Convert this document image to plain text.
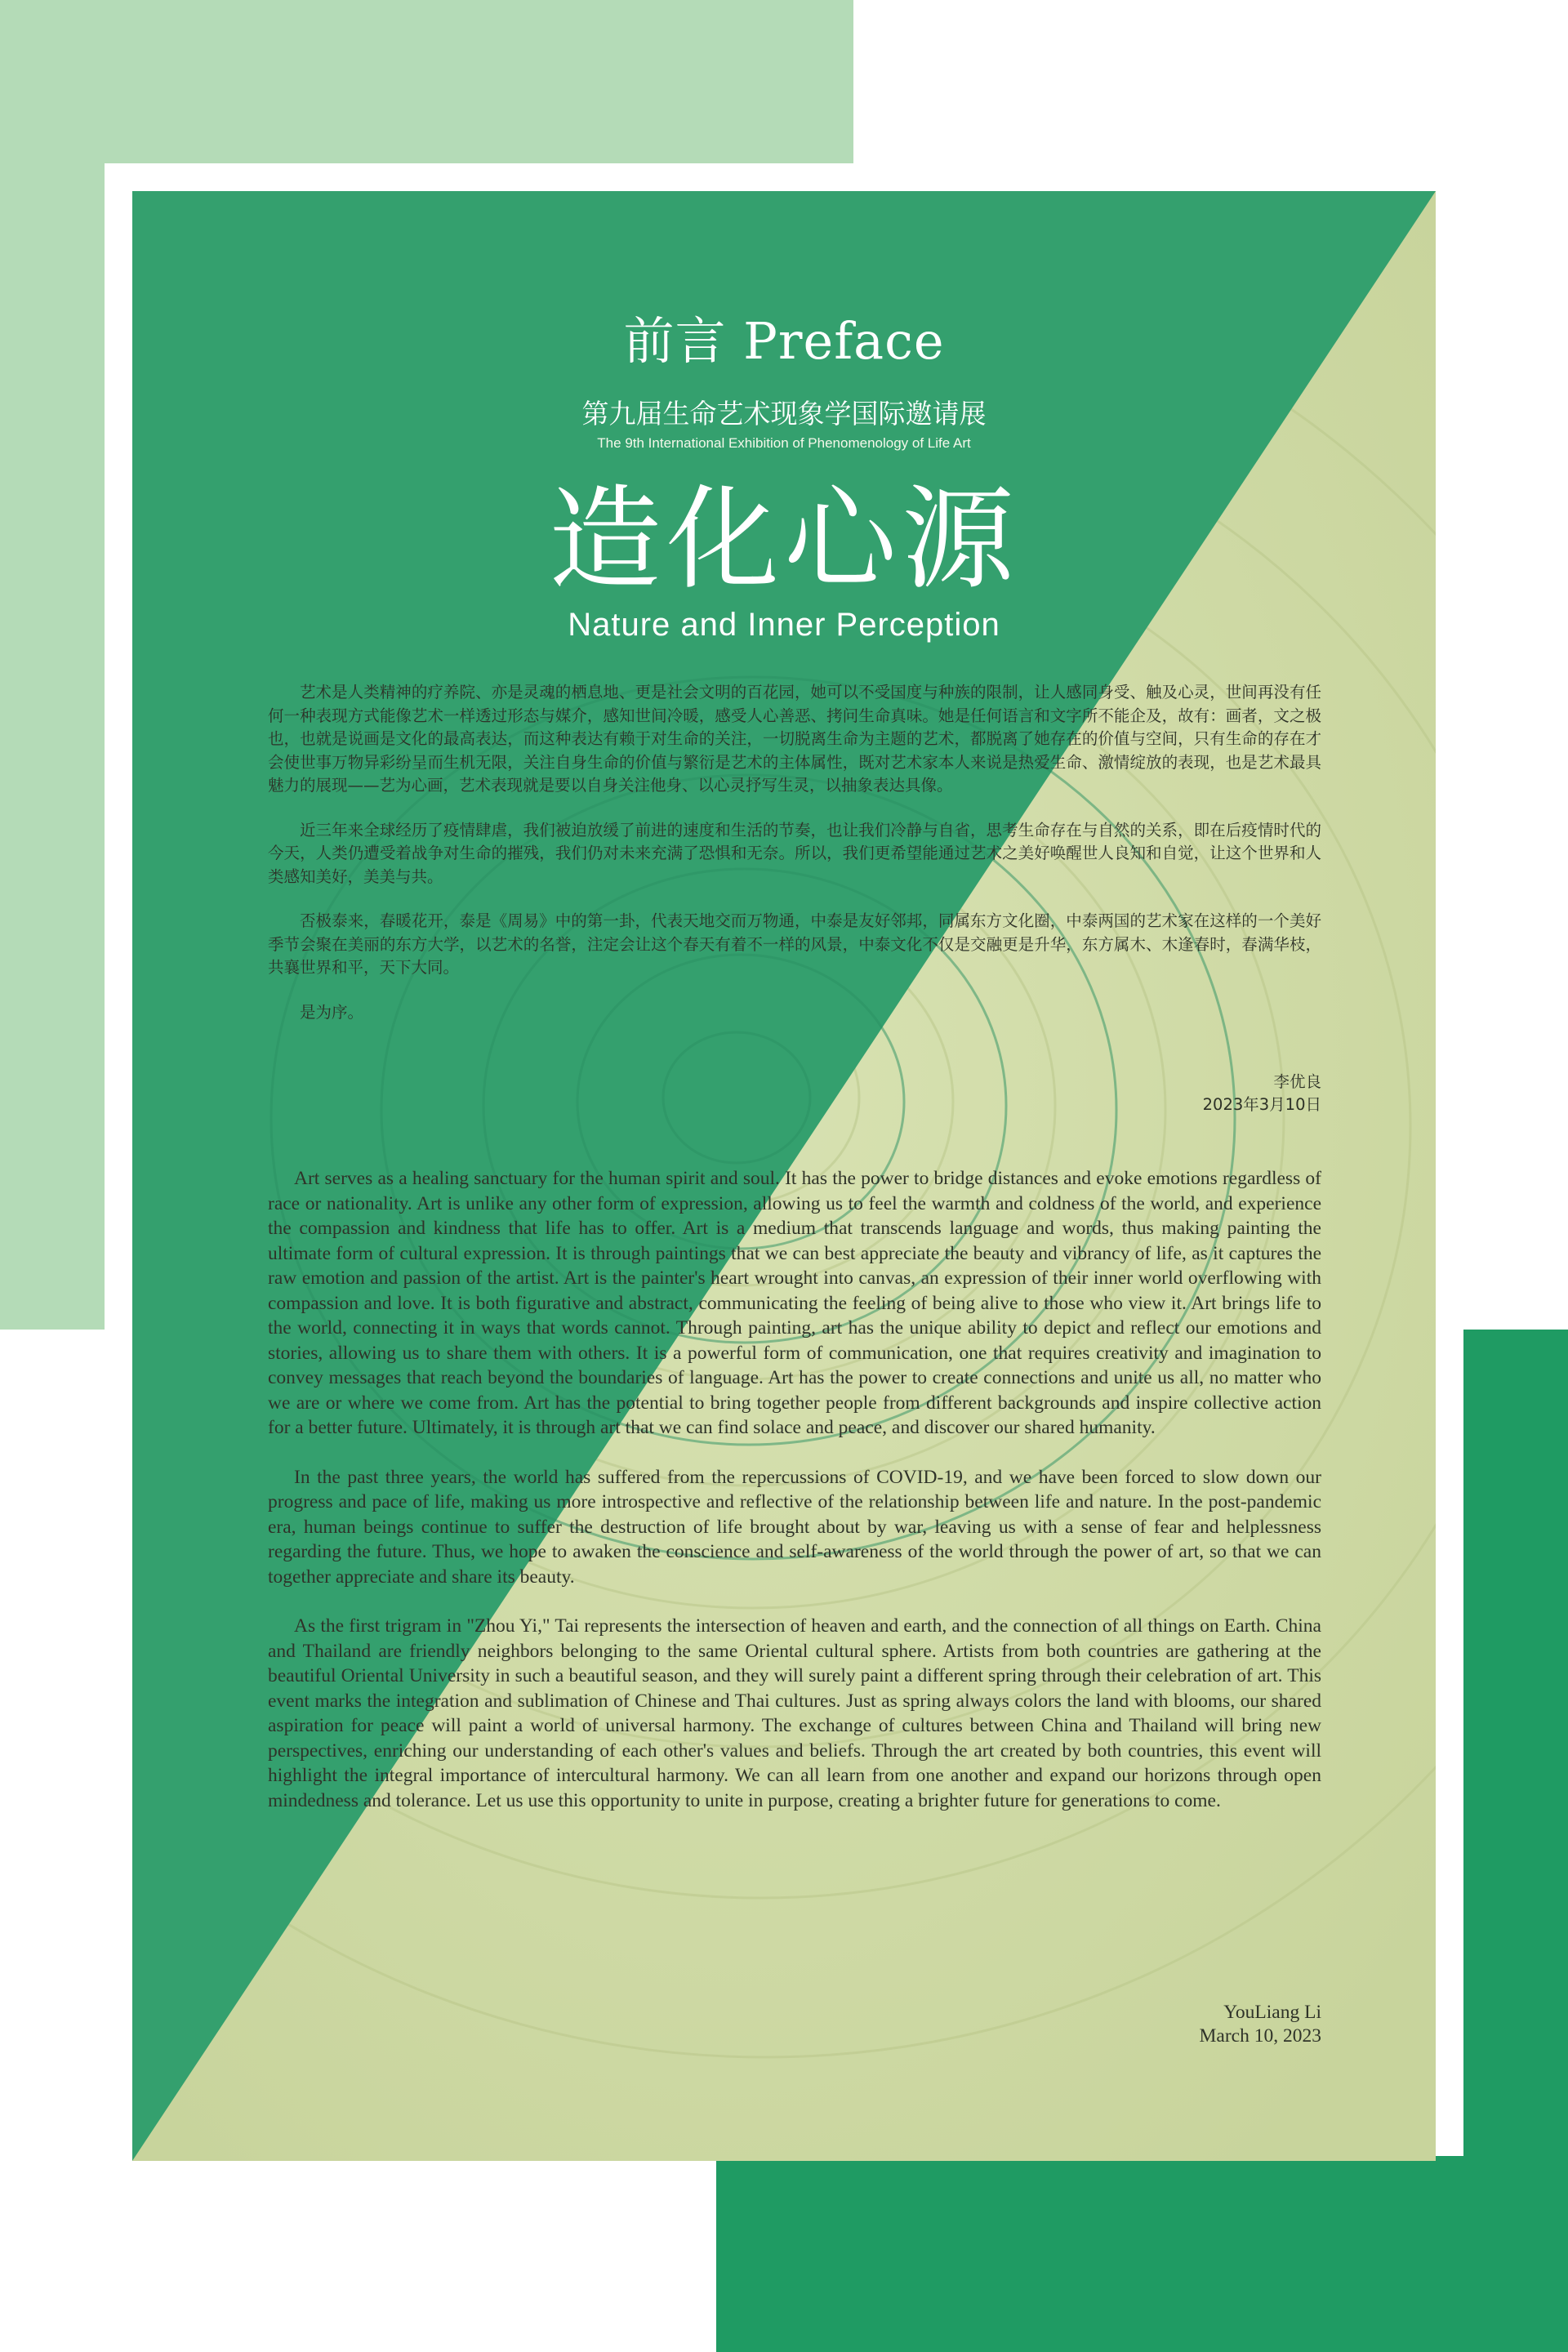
前言 Preface
第九届生命艺术现象学国际邀请展
The 9th International Exhibition of Phenomenology of Life Art
造化心源
Nature and Inner Perception

艺术是人类精神的疗养院、亦是灵魂的栖息地、更是社会文明的百花园，她可以不受国度与种族的限制，让人感同身受、触及心灵，世间再没有任何一种表现方式能像艺术一样透过形态与媒介，感知世间冷暖，感受人心善恶、拷问生命真味。她是任何语言和文字所不能企及，故有：画者，文之极也，也就是说画是文化的最高表达，而这种表达有赖于对生命的关注，一切脱离生命为主题的艺术，都脱离了她存在的价值与空间，只有生命的存在才会使世事万物异彩纷呈而生机无限，关注自身生命的价值与繁衍是艺术的主体属性，既对艺术家本人来说是热爱生命、激情绽放的表现，也是艺术最具魅力的展现——艺为心画，艺术表现就是要以自身关注他身、以心灵抒写生灵，以抽象表达具像。

近三年来全球经历了疫情肆虐，我们被迫放缓了前进的速度和生活的节奏，也让我们冷静与自省，思考生命存在与自然的关系，即在后疫情时代的今天，人类仍遭受着战争对生命的摧残，我们仍对未来充满了恐惧和无奈。所以，我们更希望能通过艺术之美好唤醒世人良知和自觉，让这个世界和人类感知美好，美美与共。

否极泰来，春暖花开，泰是《周易》中的第一卦，代表天地交而万物通，中泰是友好邻邦，同属东方文化圈，中泰两国的艺术家在这样的一个美好季节会聚在美丽的东方大学，以艺术的名誉，注定会让这个春天有着不一样的风景，中泰文化不仅是交融更是升华，东方属木、木逢春时，春满华枝，共襄世界和平，天下大同。

是为序。

李优良
2023年3月10日

Art serves as a healing sanctuary for the human spirit and soul. It has the power to bridge distances and evoke emotions regardless of race or nationality. Art is unlike any other form of expression, allowing us to feel the warmth and coldness of the world, and experience the compassion and kindness that life has to offer. Art is a medium that transcends language and words, thus making painting the ultimate form of cultural expression. It is through paintings that we can best appreciate the beauty and vibrancy of life, as it captures the raw emotion and passion of the artist. Art is the painter's heart wrought into canvas, an expression of their inner world overflowing with compassion and love. It is both figurative and abstract, communicating the feeling of being alive to those who view it. Art brings life to the world, connecting it in ways that words cannot. Through painting, art has the unique ability to depict and reflect our emotions and stories, allowing us to share them with others. It is a powerful form of communication, one that requires creativity and imagination to convey messages that reach beyond the boundaries of language. Art has the power to create connections and unite us all, no matter who we are or where we come from. Art has the potential to bring together people from different backgrounds and inspire collective action for a better future. Ultimately, it is through art that we can find solace and peace, and discover our shared humanity.

In the past three years, the world has suffered from the repercussions of COVID-19, and we have been forced to slow down our progress and pace of life, making us more introspective and reflective of the relationship between life and nature. In the post-pandemic era, human beings continue to suffer the destruction of life brought about by war, leaving us with a sense of fear and helplessness regarding the future. Thus, we hope to awaken the conscience and self-awareness of the world through the power of art, so that we can together appreciate and share its beauty.

As the first trigram in "Zhou Yi," Tai represents the intersection of heaven and earth, and the connection of all things on Earth. China and Thailand are friendly neighbors belonging to the same Oriental cultural sphere. Artists from both countries are gathering at the beautiful Oriental University in such a beautiful season, and they will surely paint a different spring through their celebration of art. This event marks the integration and sublimation of Chinese and Thai cultures. Just as spring always colors the land with blooms, our shared aspiration for peace will paint a world of universal harmony. The exchange of cultures between China and Thailand will bring new perspectives, enriching our understanding of each other's values and beliefs. Through the art created by both countries, this event will highlight the integral importance of intercultural harmony. We can all learn from one another and expand our horizons through open mindedness and tolerance. Let us use this opportunity to unite in purpose, creating a brighter future for generations to come.

YouLiang Li
March 10, 2023
